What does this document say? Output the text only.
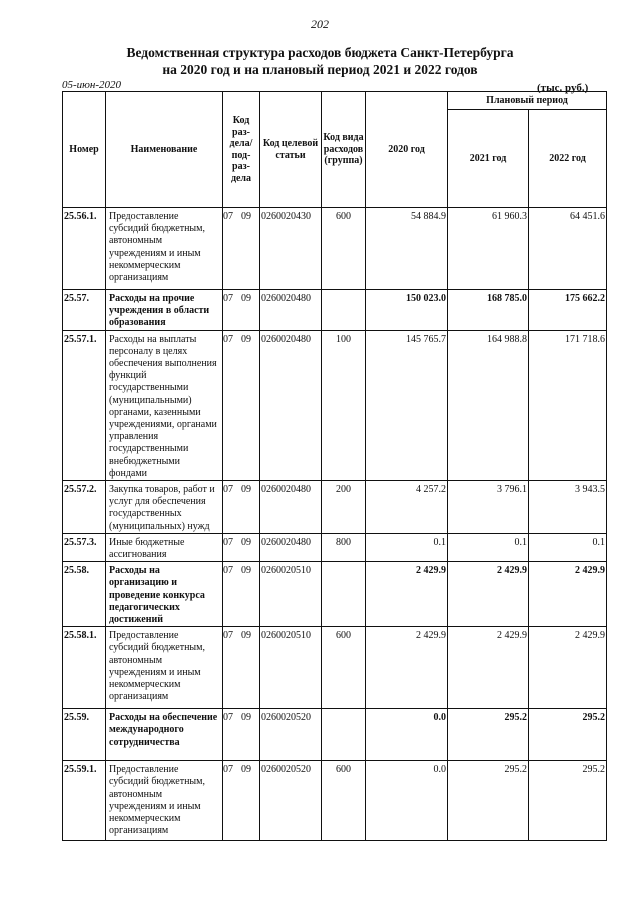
202
Ведомственная структура расходов бюджета Санкт-Петербурга
на 2020 год и на плановый период 2021 и 2022 годов
05-июн-2020	(тыс. руб.)
Номер	Наименование	Код раз-дела/ под-раз-дела	Код целевой статьи	Код вида расходов (группа)	2020 год	Плановый период	
						2021 год	2022 год
25.56.1.	Предоставление субсидий бюджетным, автономным учреждениям и иным некоммерческим организациям	07 09	0260020430	600	54 884.9	61 960.3	64 451.6
25.57.	Расходы на прочие учреждения в области образования	07 09	0260020480		150 023.0	168 785.0	175 662.2
25.57.1.	Расходы на выплаты персоналу в целях обеспечения выполнения функций государственными (муниципальными) органами, казенными учреждениями, органами управления государственными внебюджетными фондами	07 09	0260020480	100	145 765.7	164 988.8	171 718.6
25.57.2.	Закупка товаров, работ и услуг для обеспечения государственных (муниципальных) нужд	07 09	0260020480	200	4 257.2	3 796.1	3 943.5
25.57.3.	Иные бюджетные ассигнования	07 09	0260020480	800	0.1	0.1	0.1
25.58.	Расходы на организацию и проведение конкурса педагогических достижений	07 09	0260020510		2 429.9	2 429.9	2 429.9
25.58.1.	Предоставление субсидий бюджетным, автономным учреждениям и иным некоммерческим организациям	07 09	0260020510	600	2 429.9	2 429.9	2 429.9
25.59.	Расходы на обеспечение международного сотрудничества	07 09	0260020520		0.0	295.2	295.2
25.59.1.	Предоставление субсидий бюджетным, автономным учреждениям и иным некоммерческим организациям	07 09	0260020520	600	0.0	295.2	295.2
